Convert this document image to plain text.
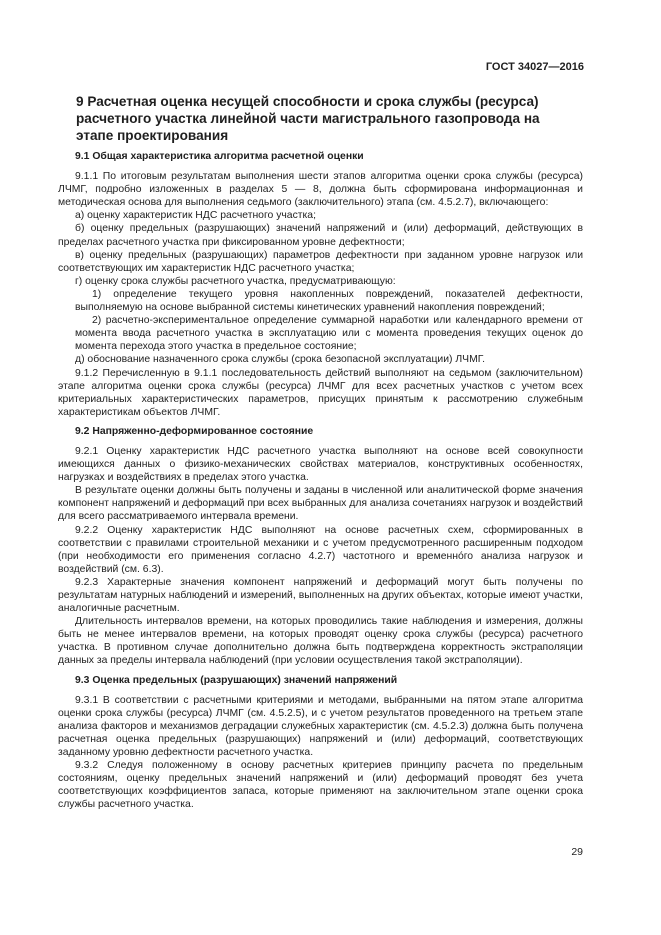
ГОСТ 34027—2016
9 Расчетная оценка несущей способности и срока службы (ресурса) расчетного участка линейной части магистрального газопровода на этапе проектирования

9.1 Общая характеристика алгоритма расчетной оценки

9.1.1 По итоговым результатам выполнения шести этапов алгоритма оценки срока службы (ресурса) ЛЧМГ, подробно изложенных в разделах 5 — 8, должна быть сформирована информационная и методическая основа для выполнения седьмого (заключительного) этапа (см. 4.5.2.7), включающего:

а) оценку характеристик НДС расчетного участка;

б) оценку предельных (разрушающих) значений напряжений и (или) деформаций, действующих в пределах расчетного участка при фиксированном уровне дефектности;

в) оценку предельных (разрушающих) параметров дефектности при заданном уровне нагрузок или соответствующих им характеристик НДС расчетного участка;

г) оценку срока службы расчетного участка, предусматривающую:

1) определение текущего уровня накопленных повреждений, показателей дефектности, выполняемую на основе выбранной системы кинетических уравнений накопления повреждений;

2) расчетно-экспериментальное определение суммарной наработки или календарного времени от момента ввода расчетного участка в эксплуатацию или с момента проведения текущих оценок до момента перехода этого участка в предельное состояние;

д) обоснование назначенного срока службы (срока безопасной эксплуатации) ЛЧМГ.

9.1.2 Перечисленную в 9.1.1 последовательность действий выполняют на седьмом (заключительном) этапе алгоритма оценки срока службы (ресурса) ЛЧМГ для всех расчетных участков с учетом всех критериальных характеристических параметров, присущих принятым к рассмотрению служебным характеристикам объектов ЛЧМГ.

9.2 Напряженно-деформированное состояние

9.2.1 Оценку характеристик НДС расчетного участка выполняют на основе всей совокупности имеющихся данных о физико-механических свойствах материалов, конструктивных особенностях, нагрузках и воздействиях в пределах этого участка.

В результате оценки должны быть получены и заданы в численной или аналитической форме значения компонент напряжений и деформаций при всех выбранных для анализа сочетаниях нагрузок и воздействий для всего рассматриваемого интервала времени.

9.2.2 Оценку характеристик НДС выполняют на основе расчетных схем, сформированных в соответствии с правилами строительной механики и с учетом предусмотренного расширенным подходом (при необходимости его применения согласно 4.2.7) частотного и временно́го анализа нагрузок и воздействий (см. 6.3).

9.2.3 Характерные значения компонент напряжений и деформаций могут быть получены по результатам натурных наблюдений и измерений, выполненных на других объектах, которые имеют участки, аналогичные расчетным.

Длительность интервалов времени, на которых проводились такие наблюдения и измерения, должны быть не менее интервалов времени, на которых проводят оценку срока службы (ресурса) расчетного участка. В противном случае дополнительно должна быть подтверждена корректность экстраполяции данных за пределы интервала наблюдений (при условии осуществления такой экстраполяции).

9.3 Оценка предельных (разрушающих) значений напряжений

9.3.1 В соответствии с расчетными критериями и методами, выбранными на пятом этапе алгоритма оценки срока службы (ресурса) ЛЧМГ (см. 4.5.2.5), и с учетом результатов проведенного на третьем этапе анализа факторов и механизмов деградации служебных характеристик (см. 4.5.2.3) должна быть получена расчетная оценка предельных (разрушающих) напряжений и (или) деформаций, соответствующих заданному уровню дефектности расчетного участка.

9.3.2 Следуя положенному в основу расчетных критериев принципу расчета по предельным состояниям, оценку предельных значений напряжений и (или) деформаций проводят без учета соответствующих коэффициентов запаса, которые применяют на заключительном этапе оценки срока службы расчетного участка.

29
